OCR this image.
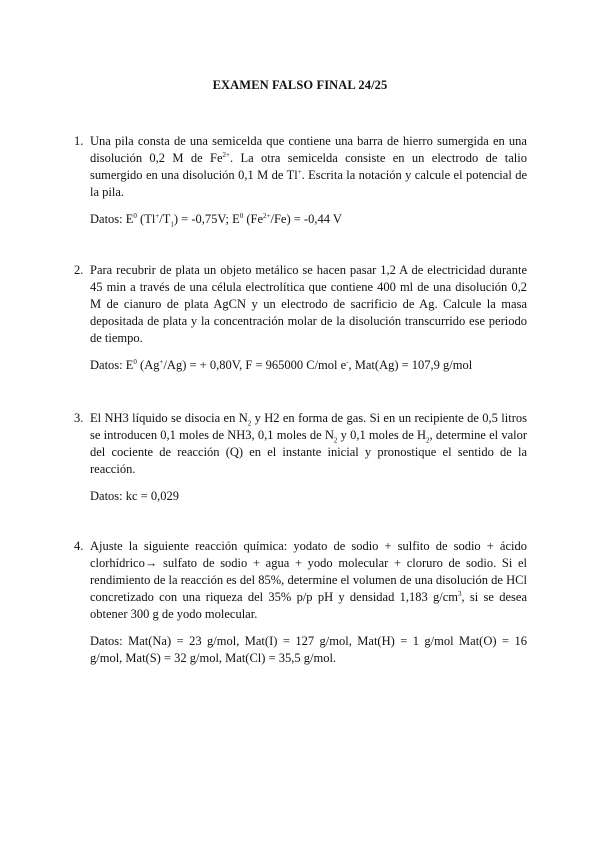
EXAMEN FALSO FINAL 24/25
1. Una pila consta de una semicelda que contiene una barra de hierro sumergida en una disolución 0,2 M de $Fe^{2+}$. La otra semicelda consiste en un electrodo de talio sumergido en una disolución 0,1 M de Tl+. Escrita la notación y calcule el potencial de la pila.

Datos: $E^0$ $(Tl^+/T_1) = -0,75V$; $E^0$ $(Fe^{2+}/Fe) = -0,44$ V

2. Para recubrir de plata un objeto metálico se hacen pasar 1,2 A de electricidad durante 45 min a través de una célula electrolítica que contiene 400 ml de una disolución 0,2 M de cianuro de plata AgCN y un electrodo de sacrificio de Ag. Calcule la masa depositada de plata y la concentración molar de la disolución transcurrido ese periodo de tiempo.

Datos: $E^0$ (Ag+/Ag) = + 0,80V, F = 965000 C/mol e-, Mat(Ag) = 107,9 g/mol

3. El NH3 líquido se disocia en $N_2$ y H2 en forma de gas. Si en un recipiente de 0,5 litros se introducen 0,1 moles de NH3, 0,1 moles de $N_2$ y 0,1 moles de $H_2$, determine el valor del cociente de reacción (Q) en el instante inicial y pronostique el sentido de la reacción.

Datos: kc = 0,029

4. Ajuste la siguiente reacción química: yodato de sodio + sulfito de sodio + ácido clorhídrico→ sulfato de sodio + agua + yodo molecular + cloruro de sodio. Si el rendimiento de la reacción es del 85%, determine el volumen de una disolución de HCl concretizado con una riqueza del 35% p/p pH y densidad 1,183 $g/cm^3$, si se desea obtener 300 g de yodo molecular.

Datos: Mat(Na) = 23 g/mol, Mat(I) = 127 g/mol, Mat(H) = 1 g/mol Mat(O) = 16 g/mol, Mat(S) = 32 g/mol, Mat(Cl) = 35,5 g/mol.
